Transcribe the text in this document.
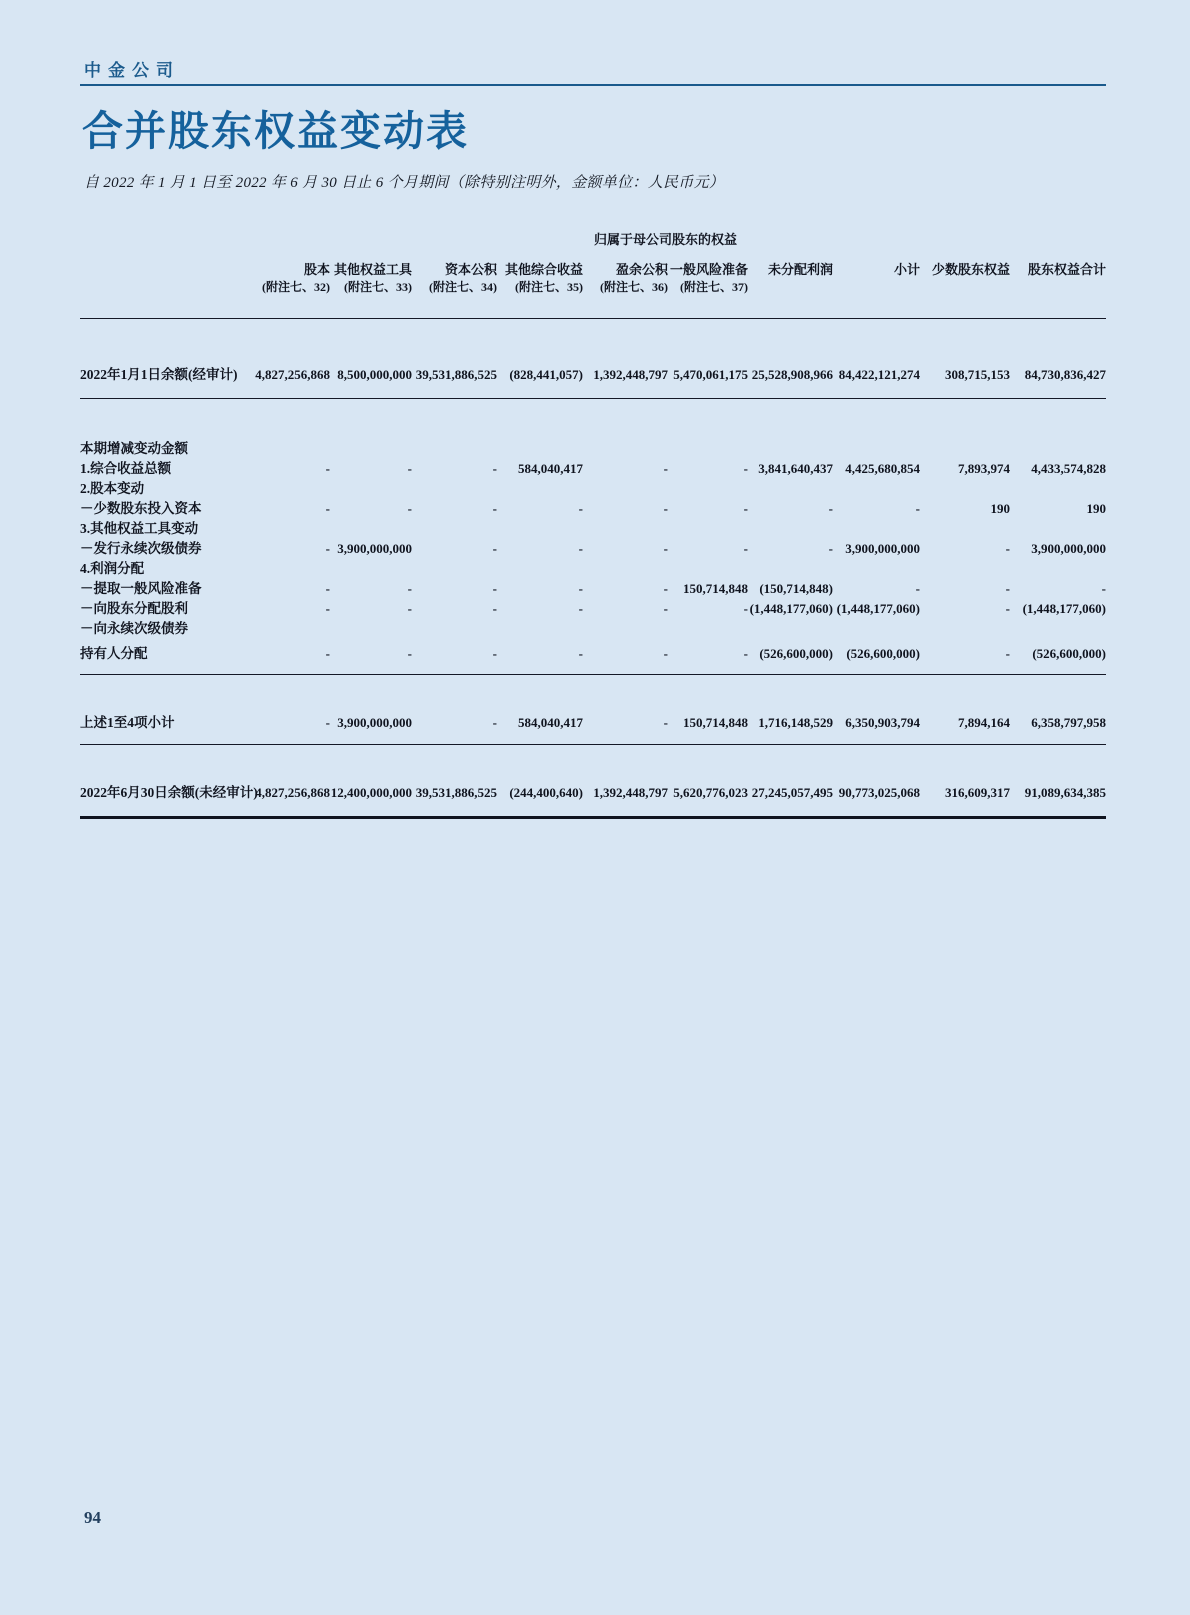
中金公司
合并股东权益变动表
自 2022 年 1 月 1 日至 2022 年 6 月 30 日止 6 个月期间（除特别注明外，金额单位：人民币元）
					归属于母公司股东的权益					
	股本	其他权益工具	资本公积	其他综合收益	盈余公积	一般风险准备	未分配利润	小计	少数股东权益	股东权益合计
	(附注七、32)	(附注七、33)	(附注七、34)	(附注七、35)	(附注七、36)	(附注七、37)				
2022年1月1日余额(经审计)	4,827,256,868	8,500,000,000	39,531,886,525	(828,441,057)	1,392,448,797	5,470,061,175	25,528,908,966	84,422,121,274	308,715,153	84,730,836,427
本期增减变动金额										
1.综合收益总额	-	-	-	584,040,417	-	-	3,841,640,437	4,425,680,854	7,893,974	4,433,574,828
2.股本变动										
－少数股东投入资本	-	-	-	-	-	-	-	-	190	190
3.其他权益工具变动										
－发行永续次级债券	-	3,900,000,000	-	-	-	-	-	3,900,000,000	-	3,900,000,000
4.利润分配										
－提取一般风险准备	-	-	-	-	-	150,714,848	(150,714,848)	-	-	-
－向股东分配股利	-	-	-	-	-	-	(1,448,177,060)	(1,448,177,060)	-	(1,448,177,060)
－向永续次级债券										
持有人分配	-	-	-	-	-	-	(526,600,000)	(526,600,000)	-	(526,600,000)
上述1至4项小计	-	3,900,000,000	-	584,040,417	-	150,714,848	1,716,148,529	6,350,903,794	7,894,164	6,358,797,958
2022年6月30日余额(未经审计)	4,827,256,868	12,400,000,000	39,531,886,525	(244,400,640)	1,392,448,797	5,620,776,023	27,245,057,495	90,773,025,068	316,609,317	91,089,634,385
94
